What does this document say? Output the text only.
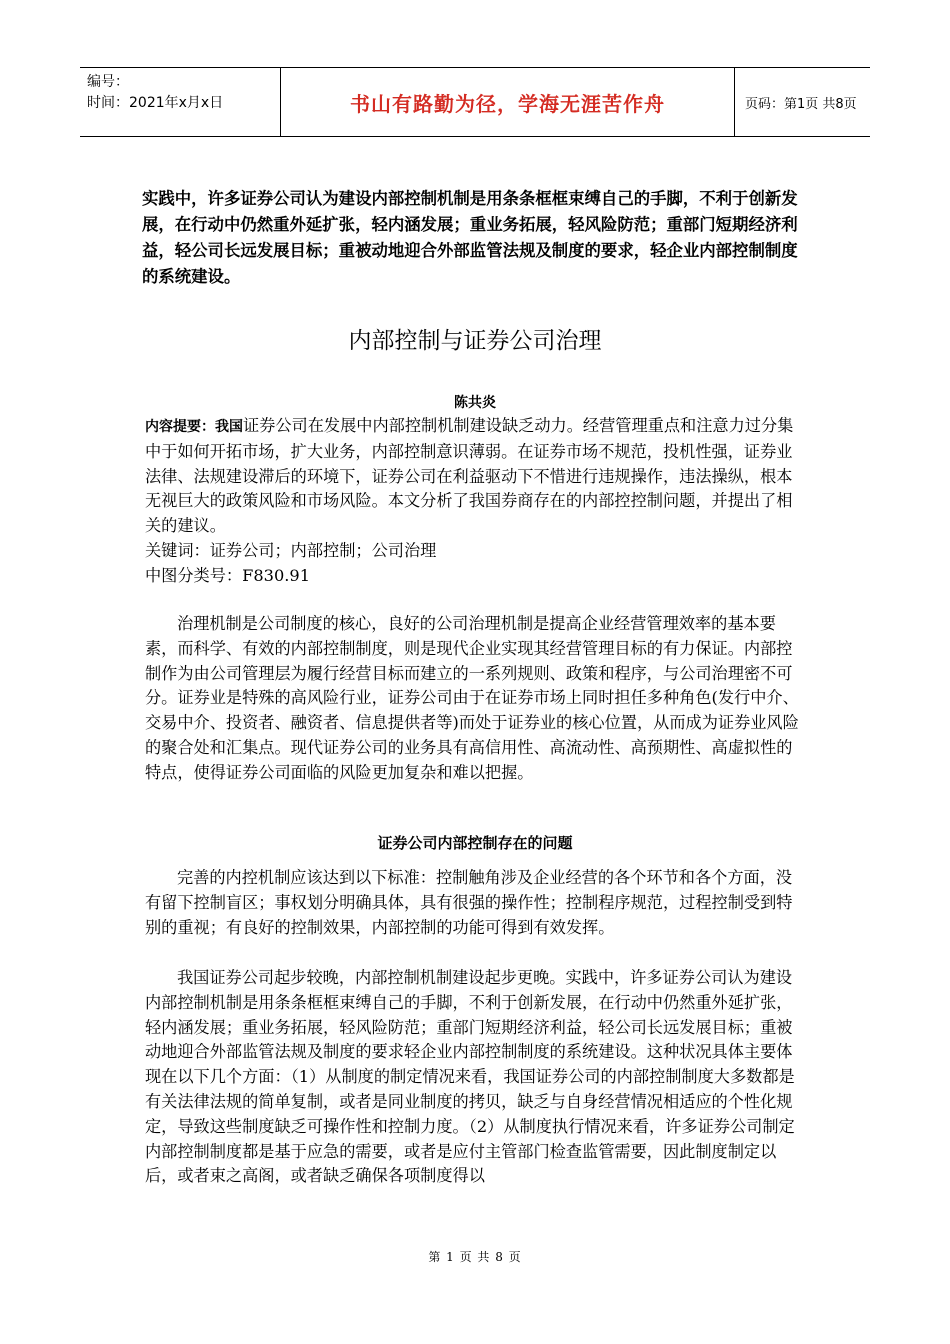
编号：
时间：2021年x月x日	书山有路勤为径，学海无涯苦作舟	页码：第1页 共8页
实践中，许多证券公司认为建设内部控制机制是用条条框框束缚自己的手脚，不利于创新发展，在行动中仍然重外延扩张，轻内涵发展；重业务拓展，轻风险防范；重部门短期经济利益，轻公司长远发展目标；重被动地迎合外部监管法规及制度的要求，轻企业内部控制制度的系统建设。
内部控制与证券公司治理
陈共炎
内容提要：我国证券公司在发展中内部控制机制建设缺乏动力。经营管理重点和注意力过分集中于如何开拓市场，扩大业务，内部控制意识薄弱。在证券市场不规范，投机性强，证券业法律、法规建设滞后的环境下，证券公司在利益驱动下不惜进行违规操作，违法操纵，根本无视巨大的政策风险和市场风险。本文分析了我国券商存在的内部控控制问题，并提出了相关的建议。
关键词：证券公司；内部控制；公司治理
中图分类号：F830.91
治理机制是公司制度的核心，良好的公司治理机制是提高企业经营管理效率的基本要素，而科学、有效的内部控制制度，则是现代企业实现其经营管理目标的有力保证。内部控制作为由公司管理层为履行经营目标而建立的一系列规则、政策和程序，与公司治理密不可分。证券业是特殊的高风险行业，证券公司由于在证券市场上同时担任多种角色(发行中介、交易中介、投资者、融资者、信息提供者等)而处于证券业的核心位置，从而成为证券业风险的聚合处和汇集点。现代证券公司的业务具有高信用性、高流动性、高预期性、高虚拟性的特点，使得证券公司面临的风险更加复杂和难以把握。
证券公司内部控制存在的问题
完善的内控机制应该达到以下标准：控制触角涉及企业经营的各个环节和各个方面，没有留下控制盲区；事权划分明确具体，具有很强的操作性；控制程序规范，过程控制受到特别的重视；有良好的控制效果，内部控制的功能可得到有效发挥。
我国证券公司起步较晚，内部控制机制建设起步更晚。实践中，许多证券公司认为建设内部控制机制是用条条框框束缚自己的手脚，不利于创新发展，在行动中仍然重外延扩张，轻内涵发展；重业务拓展，轻风险防范；重部门短期经济利益，轻公司长远发展目标；重被动地迎合外部监管法规及制度的要求轻企业内部控制制度的系统建设。这种状况具体主要体现在以下几个方面：（1）从制度的制定情况来看，我国证券公司的内部控制制度大多数都是有关法律法规的简单复制，或者是同业制度的拷贝，缺乏与自身经营情况相适应的个性化规定，导致这些制度缺乏可操作性和控制力度。（2）从制度执行情况来看，许多证券公司制定内部控制制度都是基于应急的需要，或者是应付主管部门检查监管需要，因此制度制定以后，或者束之高阁，或者缺乏确保各项制度得以
第 1 页 共 8 页
